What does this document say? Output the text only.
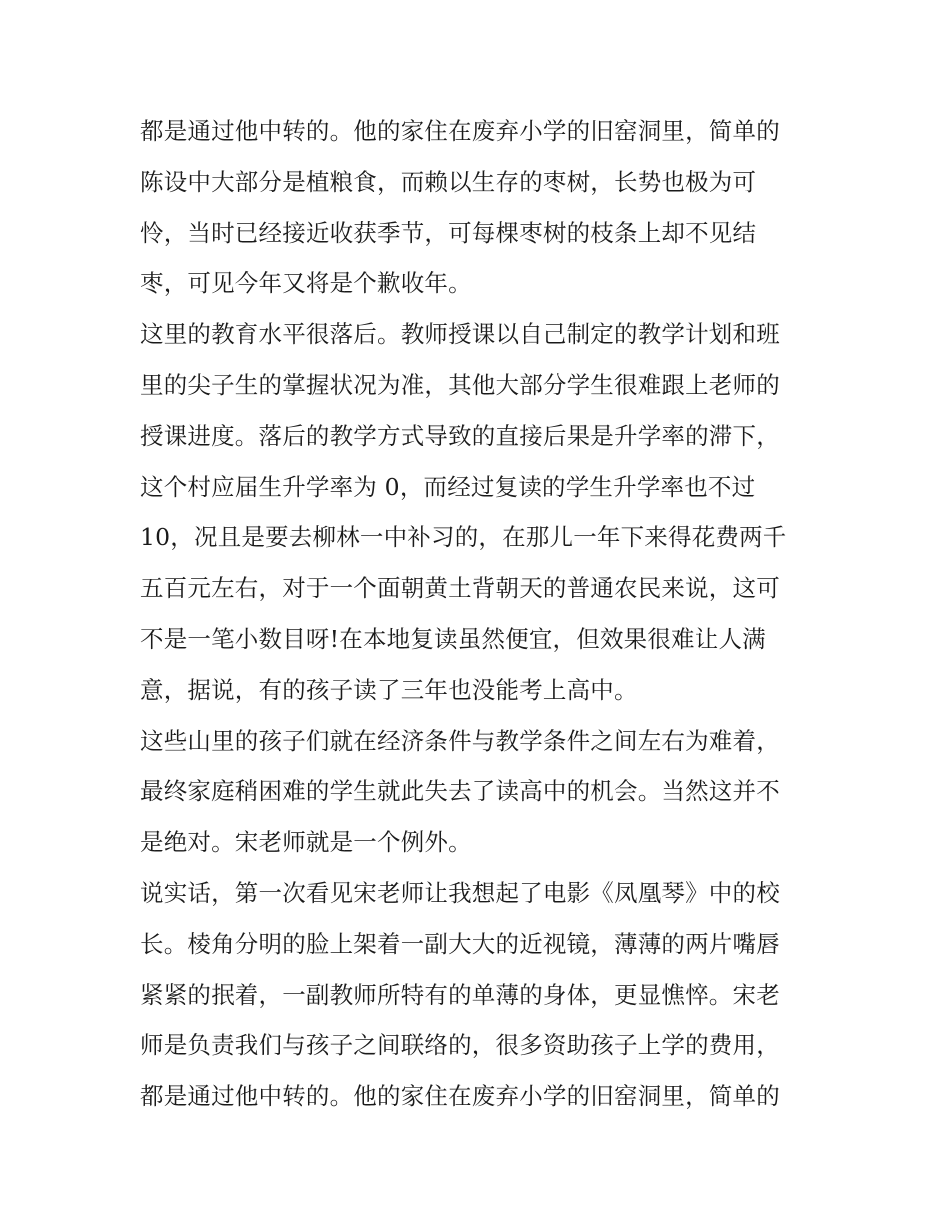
都是通过他中转的。他的家住在废弃小学的旧窑洞里，简单的
陈设中大部分是植粮食，而赖以生存的枣树，长势也极为可
怜，当时已经接近收获季节，可每棵枣树的枝条上却不见结
枣，可见今年又将是个歉收年。
这里的教育水平很落后。教师授课以自己制定的教学计划和班
里的尖子生的掌握状况为准，其他大部分学生很难跟上老师的
授课进度。落后的教学方式导致的直接后果是升学率的滞下，
这个村应届生升学率为 0，而经过复读的学生升学率也不过
10，况且是要去柳林一中补习的，在那儿一年下来得花费两千
五百元左右，对于一个面朝黄土背朝天的普通农民来说，这可
不是一笔小数目呀!在本地复读虽然便宜，但效果很难让人满
意，据说，有的孩子读了三年也没能考上高中。
这些山里的孩子们就在经济条件与教学条件之间左右为难着，
最终家庭稍困难的学生就此失去了读高中的机会。当然这并不
是绝对。宋老师就是一个例外。
说实话，第一次看见宋老师让我想起了电影《凤凰琴》中的校
长。棱角分明的脸上架着一副大大的近视镜，薄薄的两片嘴唇
紧紧的抿着，一副教师所特有的单薄的身体，更显憔悴。宋老
师是负责我们与孩子之间联络的，很多资助孩子上学的费用，
都是通过他中转的。他的家住在废弃小学的旧窑洞里，简单的
